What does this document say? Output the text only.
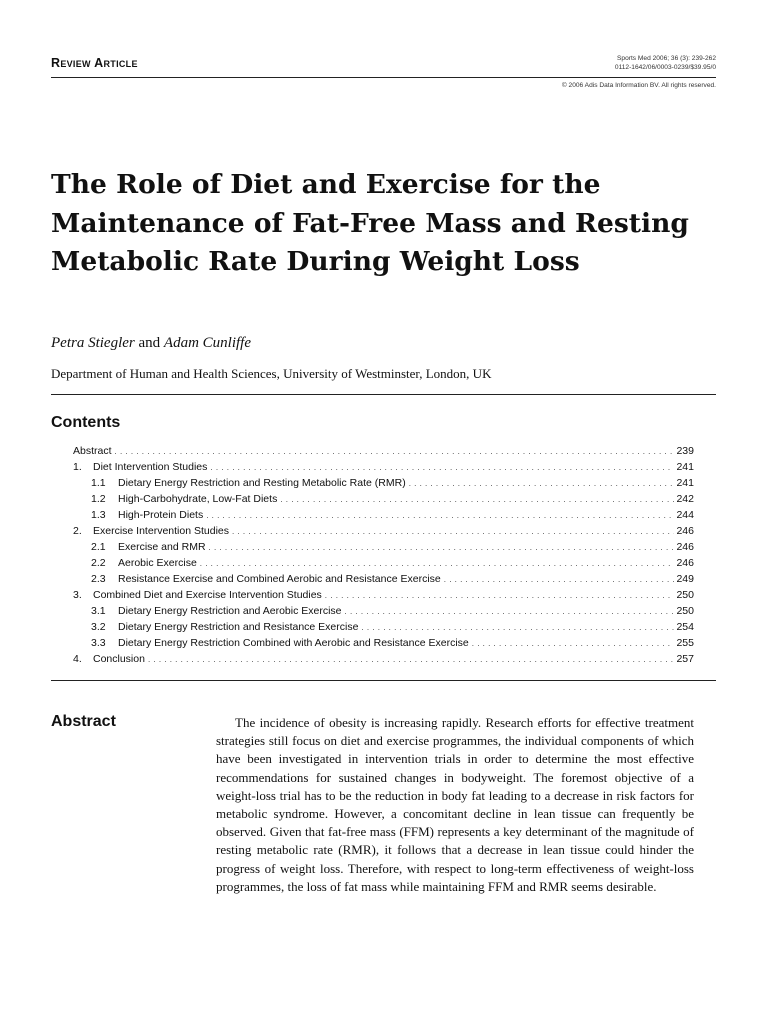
Review Article	Sports Med 2006; 36 (3): 239-262
0112-1642/06/0003-0239/$39.95/0
© 2006 Adis Data Information BV. All rights reserved.
The Role of Diet and Exercise for the Maintenance of Fat-Free Mass and Resting Metabolic Rate During Weight Loss
Petra Stiegler and Adam Cunliffe
Department of Human and Health Sciences, University of Westminster, London, UK
Contents
Abstract . . .	239
1.	Diet Intervention Studies . . .	241
1.1	Dietary Energy Restriction and Resting Metabolic Rate (RMR) . . .	241
1.2	High-Carbohydrate, Low-Fat Diets . . .	242
1.3	High-Protein Diets . . .	244
2.	Exercise Intervention Studies . . .	246
2.1	Exercise and RMR . . .	246
2.2	Aerobic Exercise . . .	246
2.3	Resistance Exercise and Combined Aerobic and Resistance Exercise . . .	249
3.	Combined Diet and Exercise Intervention Studies . . .	250
3.1	Dietary Energy Restriction and Aerobic Exercise . . .	250
3.2	Dietary Energy Restriction and Resistance Exercise . . .	254
3.3	Dietary Energy Restriction Combined with Aerobic and Resistance Exercise . . .	255
4.	Conclusion . . .	257
Abstract	The incidence of obesity is increasing rapidly. Research efforts for effective treatment strategies still focus on diet and exercise programmes, the individual components of which have been investigated in intervention trials in order to determine the most effective recommendations for sustained changes in bodyweight. The foremost objective of a weight-loss trial has to be the reduction in body fat leading to a decrease in risk factors for metabolic syndrome. However, a concomitant decline in lean tissue can frequently be observed. Given that fat-free mass (FFM) represents a key determinant of the magnitude of resting metabolic rate (RMR), it follows that a decrease in lean tissue could hinder the progress of weight loss. Therefore, with respect to long-term effectiveness of weight-loss programmes, the loss of fat mass while maintaining FFM and RMR seems desirable.
